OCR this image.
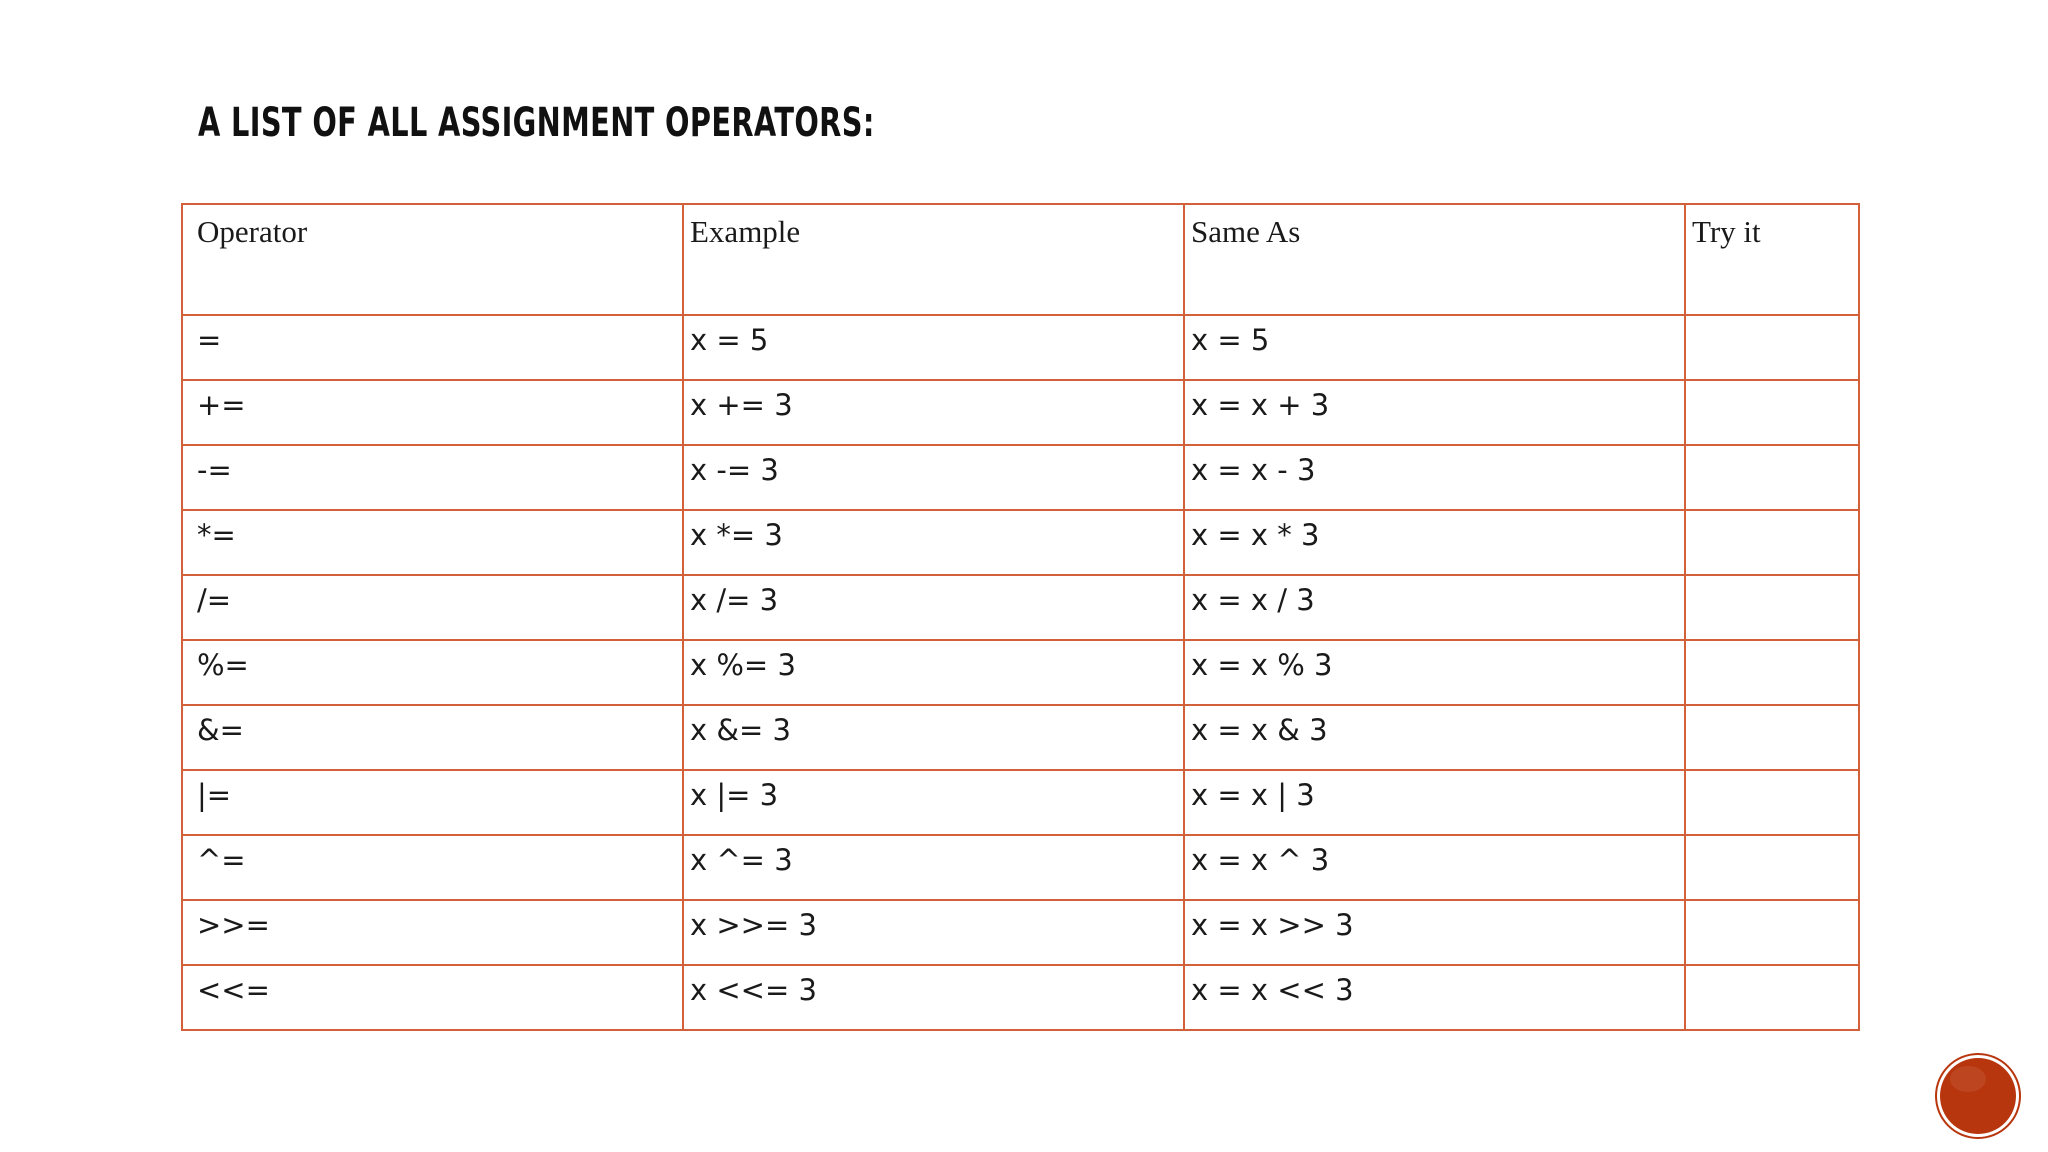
A LIST OF ALL ASSIGNMENT OPERATORS:
Operator	Example	Same As	Try it
=	x = 5	x = 5	
+=	x += 3	x = x + 3	
-=	x -= 3	x = x - 3	
*=	x *= 3	x = x * 3	
/=	x /= 3	x = x / 3	
%=	x %= 3	x = x % 3	
&=	x &= 3	x = x & 3	
|=	x |= 3	x = x | 3	
^=	x ^= 3	x = x ^ 3	
>>=	x >>= 3	x = x >> 3	
<<=	x <<= 3	x = x << 3	
